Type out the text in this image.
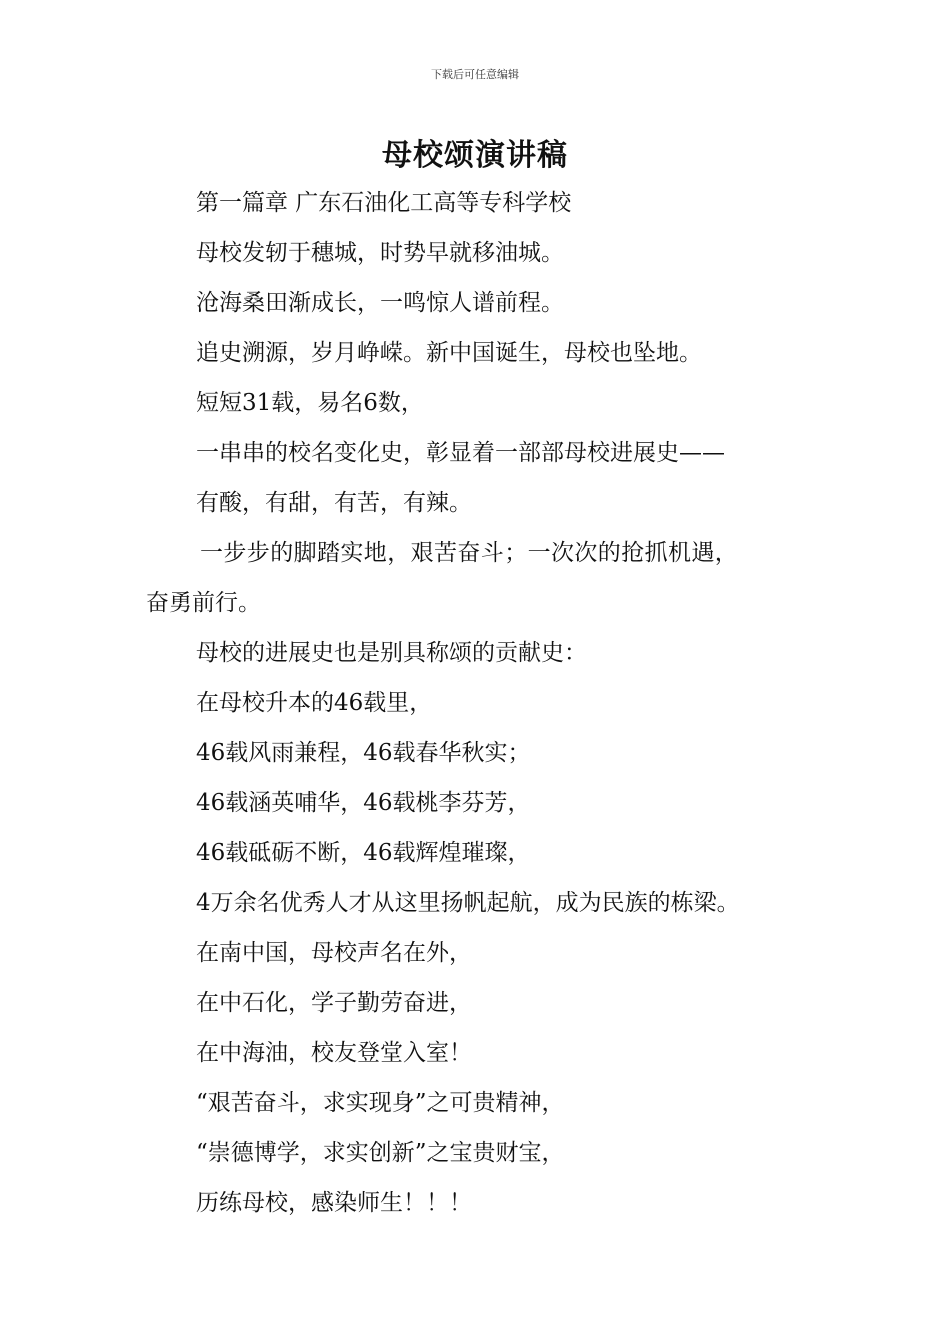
下载后可任意编辑
母校颂演讲稿
第一篇章 广东石油化工高等专科学校
母校发轫于穗城，时势早就移油城。
沧海桑田渐成长，一鸣惊人谱前程。
追史溯源，岁月峥嵘。新中国诞生，母校也坠地。
短短31载，易名6数，
一串串的校名变化史，彰显着一部部母校进展史——
有酸，有甜，有苦，有辣。
一步步的脚踏实地，艰苦奋斗；一次次的抢抓机遇，
奋勇前行。
母校的进展史也是别具称颂的贡献史：
在母校升本的46载里，
46载风雨兼程，46载春华秋实；
46载涵英哺华，46载桃李芬芳，
46载砥砺不断，46载辉煌璀璨，
4万余名优秀人才从这里扬帆起航，成为民族的栋梁。
在南中国，母校声名在外，
在中石化，学子勤劳奋进，
在中海油，校友登堂入室！
“艰苦奋斗，求实现身”之可贵精神，
“崇德博学，求实创新”之宝贵财宝，
历练母校，感染师生！！！
